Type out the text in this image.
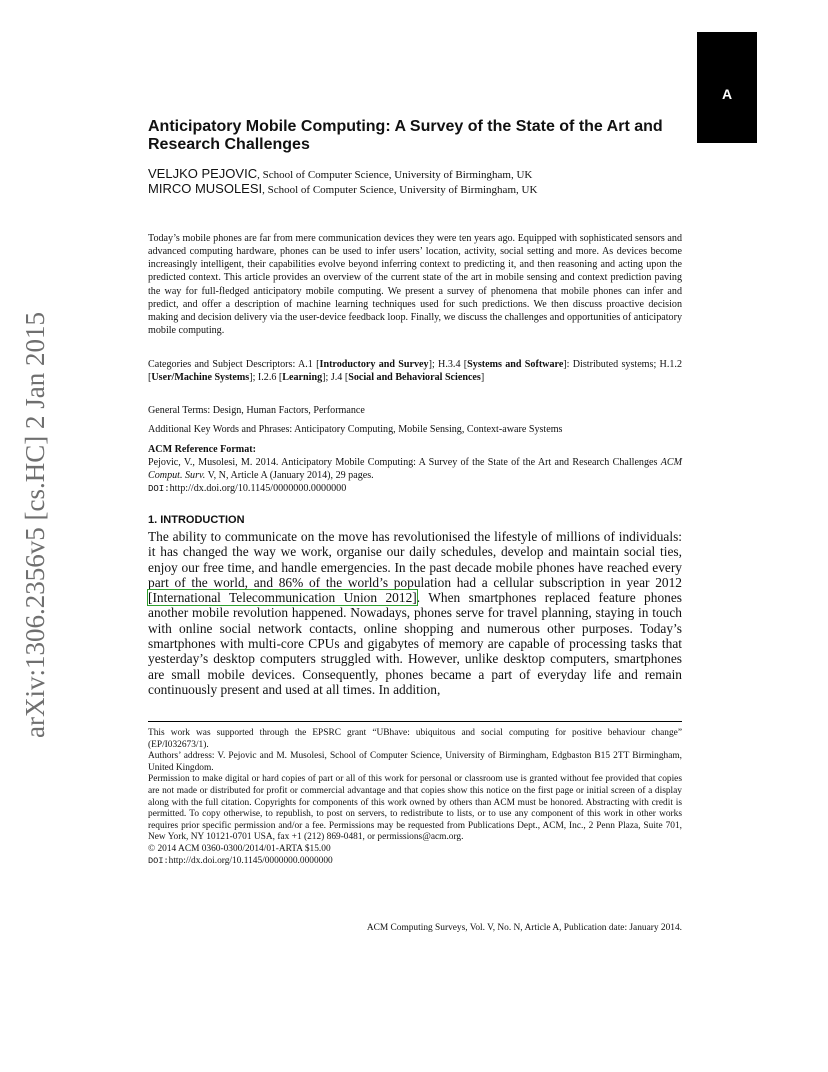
A
arXiv:1306.2356v5 [cs.HC] 2 Jan 2015
Anticipatory Mobile Computing: A Survey of the State of the Art and Research Challenges
VELJKO PEJOVIC, School of Computer Science, University of Birmingham, UK
MIRCO MUSOLESI, School of Computer Science, University of Birmingham, UK
Today’s mobile phones are far from mere communication devices they were ten years ago. Equipped with sophisticated sensors and advanced computing hardware, phones can be used to infer users’ location, activity, social setting and more. As devices become increasingly intelligent, their capabilities evolve beyond inferring context to predicting it, and then reasoning and acting upon the predicted context. This article provides an overview of the current state of the art in mobile sensing and context prediction paving the way for full-fledged anticipatory mobile computing. We present a survey of phenomena that mobile phones can infer and predict, and offer a description of machine learning techniques used for such predictions. We then discuss proactive decision making and decision delivery via the user-device feedback loop. Finally, we discuss the challenges and opportunities of anticipatory mobile computing.
Categories and Subject Descriptors: A.1 [Introductory and Survey]; H.3.4 [Systems and Software]: Distributed systems; H.1.2 [User/Machine Systems]; I.2.6 [Learning]; J.4 [Social and Behavioral Sciences]
General Terms: Design, Human Factors, Performance
Additional Key Words and Phrases: Anticipatory Computing, Mobile Sensing, Context-aware Systems
ACM Reference Format:
Pejovic, V., Musolesi, M. 2014. Anticipatory Mobile Computing: A Survey of the State of the Art and Research Challenges ACM Comput. Surv. V, N, Article A (January 2014), 29 pages.
DOI:http://dx.doi.org/10.1145/0000000.0000000
1. INTRODUCTION
The ability to communicate on the move has revolutionised the lifestyle of millions of individuals: it has changed the way we work, organise our daily schedules, develop and maintain social ties, enjoy our free time, and handle emergencies. In the past decade mobile phones have reached every part of the world, and 86% of the world’s population had a cellular subscription in year 2012 [International Telecommunication Union 2012]. When smartphones replaced feature phones another mobile revolution happened. Nowadays, phones serve for travel planning, staying in touch with online social network contacts, online shopping and numerous other purposes. Today’s smartphones with multi-core CPUs and gigabytes of memory are capable of processing tasks that yesterday’s desktop computers struggled with. However, unlike desktop computers, smartphones are small mobile devices. Consequently, phones became a part of everyday life and remain continuously present and used at all times. In addition,

This work was supported through the EPSRC grant “UBhave: ubiquitous and social computing for positive behaviour change” (EP/I032673/1).

Authors’ address: V. Pejovic and M. Musolesi, School of Computer Science, University of Birmingham, Edgbaston B15 2TT Birmingham, United Kingdom.

Permission to make digital or hard copies of part or all of this work for personal or classroom use is granted without fee provided that copies are not made or distributed for profit or commercial advantage and that copies show this notice on the first page or initial screen of a display along with the full citation. Copyrights for components of this work owned by others than ACM must be honored. Abstracting with credit is permitted. To copy otherwise, to republish, to post on servers, to redistribute to lists, or to use any component of this work in other works requires prior specific permission and/or a fee. Permissions may be requested from Publications Dept., ACM, Inc., 2 Penn Plaza, Suite 701, New York, NY 10121-0701 USA, fax +1 (212) 869-0481, or permissions@acm.org.

© 2014 ACM 0360-0300/2014/01-ARTA $15.00

DOI:http://dx.doi.org/10.1145/0000000.0000000

ACM Computing Surveys, Vol. V, No. N, Article A, Publication date: January 2014.
